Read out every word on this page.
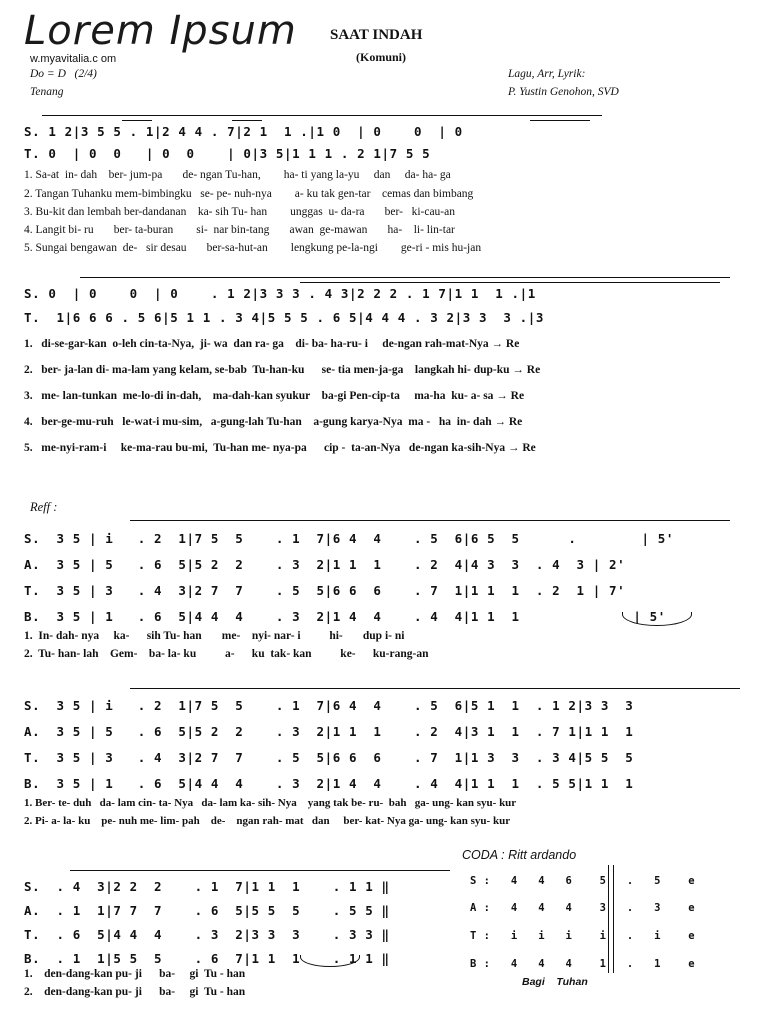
Lorem Ipsum
w.myavitalia.c om
SAAT INDAH
(Komuni)
Do = D   (2/4)
Tenang
Lagu, Arr, Lyrik:
P. Yustin Genohon, SVD
S. 1 2|3 5 5 . 1|2 4 4 . 7|2 1  1 .|1 0  | 0    0  | 0
T. 0  | 0  0   | 0  0    | 0|3 5|1 1 1 . 2 1|7 5 5
1. Sa-at  in- dah    ber- jum-pa       de- ngan Tu-han,        ha- ti yang la-yu     dan     da- ha- ga
2. Tangan Tuhanku mem-bimbingku   se- pe- nuh-nya        a- ku tak gen-tar    cemas dan bimbang
3. Bu-kit dan lembah ber-dandanan    ka- sih Tu- han        unggas  u- da-ra       ber-   ki-cau-an
4. Langit bi- ru       ber- ta-buran        si-  nar bin-tang       awan  ge-mawan       ha-    li- lin-tar
5. Sungai bengawan  de-   sir desau       ber-sa-hut-an        lengkung pe-la-ngi        ge-ri - mis hu-jan
S. 0  | 0    0  | 0    . 1 2|3 3 3 . 4 3|2 2 2 . 1 7|1 1  1 .|1
T.  1|6 6 6 . 5 6|5 1 1 . 3 4|5 5 5 . 6 5|4 4 4 . 3 2|3 3  3 .|3
1.   di-se-gar-kan  o-leh cin-ta-Nya,  ji- wa  dan ra- ga    di- ba- ha-ru- i     de-ngan rah-mat-Nya → Re
2.   ber- ja-lan di- ma-lam yang kelam, se-bab  Tu-han-ku      se- tia men-ja-ga    langkah hi- dup-ku → Re
3.   me- lan-tunkan  me-lo-di in-dah,    ma-dah-kan syukur    ba-gi Pen-cip-ta     ma-ha  ku- a- sa → Re
4.   ber-ge-mu-ruh   le-wat-i mu-sim,   a-gung-lah Tu-han    a-gung karya-Nya  ma -   ha  in- dah → Re
5.   me-nyi-ram-i     ke-ma-rau bu-mi,  Tu-han me- nya-pa      cip -  ta-an-Nya   de-ngan ka-sih-Nya → Re
Reff :
S.  3 5 | i   . 2  1|7 5  5    . 1  7|6 4  4    . 5  6|6 5  5      .        | 5'
A.  3 5 | 5   . 6  5|5 2  2    . 3  2|1 1  1    . 2  4|4 3  3  . 4  3 | 2'
T.  3 5 | 3   . 4  3|2 7  7    . 5  5|6 6  6    . 7  1|1 1  1  . 2  1 | 7'
B.  3 5 | 1   . 6  5|4 4  4    . 3  2|1 4  4    . 4  4|1 1  1              | 5'
1.  In- dah- nya     ka-      sih Tu- han       me-    nyi- nar- i          hi-       dup i- ni
2.  Tu- han- lah    Gem-    ba- la- ku          a-      ku  tak- kan          ke-      ku-rang-an
S.  3 5 | i   . 2  1|7 5  5    . 1  7|6 4  4    . 5  6|5 1  1  . 1 2|3 3  3
A.  3 5 | 5   . 6  5|5 2  2    . 3  2|1 1  1    . 2  4|3 1  1  . 7 1|1 1  1
T.  3 5 | 3   . 4  3|2 7  7    . 5  5|6 6  6    . 7  1|1 3  3  . 3 4|5 5  5
B.  3 5 | 1   . 6  5|4 4  4    . 3  2|1 4  4    . 4  4|1 1  1  . 5 5|1 1  1
1. Ber- te- duh   da- lam cin- ta- Nya   da- lam ka- sih- Nya    yang tak be- ru-  bah   ga- ung- kan syu- kur
2. Pi- a- la- ku    pe- nuh me- lim- pah    de-    ngan rah- mat   dan     ber- kat- Nya ga- ung- kan syu- kur
S.  . 4  3|2 2  2    . 1  7|1 1  1    . 1 1 ‖
A.  . 1  1|7 7  7    . 6  5|5 5  5    . 5 5 ‖
T.  . 6  5|4 4  4    . 3  2|3 3  3    . 3 3 ‖
B.  . 1  1|5 5  5    . 6  7|1 1  1    . 1 1 ‖
1.    den-dang-kan pu- ji      ba-     gi  Tu - han
2.    den-dang-kan pu- ji      ba-     gi  Tu - han
CODA : Ritt ardando
S :   4   4   6    5   .   5    e
A :   4   4   4    3   .   3    e
T :   i   i   i    i   .   i    e
B :   4   4   4    1   .   1    e
Bagi    Tuhan
